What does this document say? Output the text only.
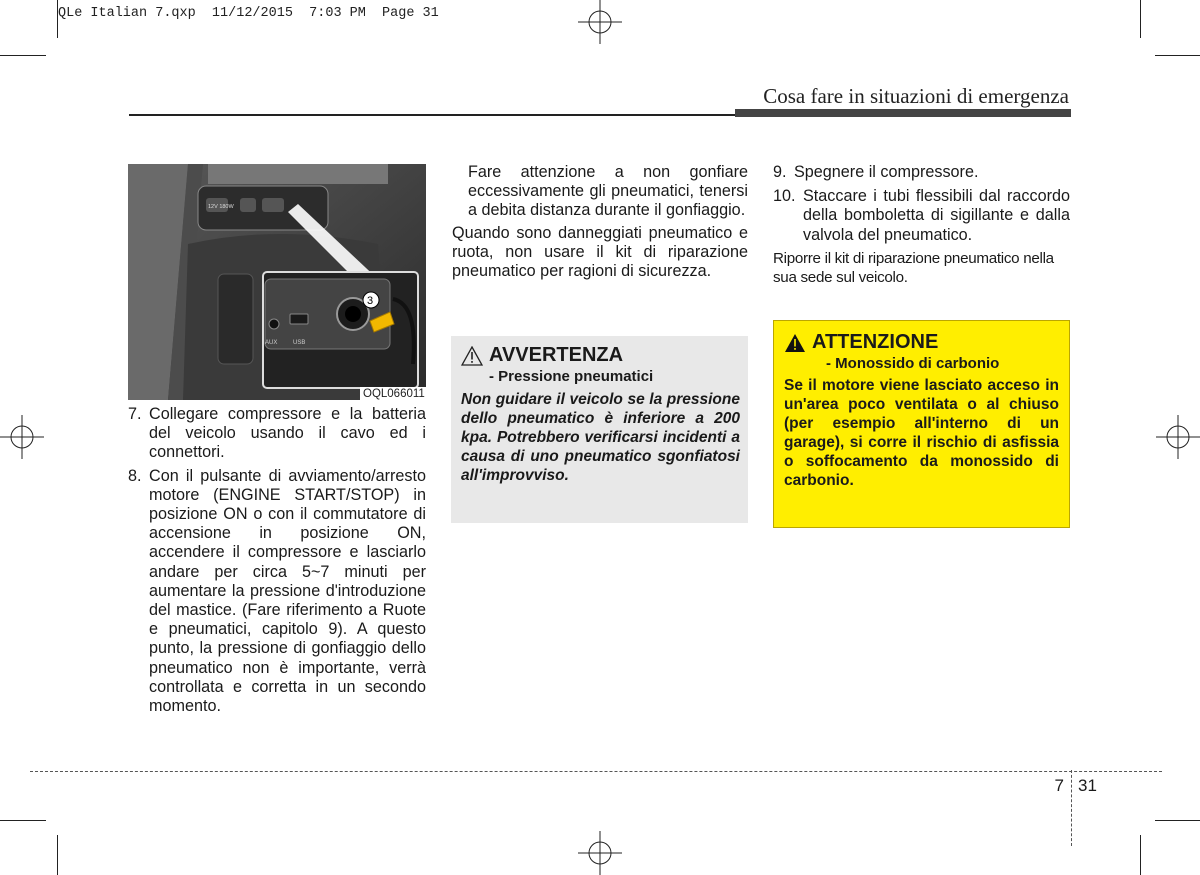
QLe Italian 7.qxp  11/12/2015  7:03 PM  Page 31
Cosa fare in situazioni di emergenza
3
AUX	USB
12V 180W
OQL066011
7. Collegare compressore e la batteria del veicolo usando il cavo ed i connettori.
8. Con il pulsante di avviamento/arresto motore (ENGINE START/STOP) in posizione ON o con il commutatore di accensione in posizione ON, accendere il compressore e lasciarlo andare per circa 5~7 minuti per aumentare la pressione d'introduzione del mastice. (Fare riferimento a Ruote e pneumatici, capitolo 9). A questo punto, la pressione di gonfiaggio dello pneumatico non è importante, verrà controllata e corretta in un secondo momento.
Fare attenzione a non gonfiare eccessivamente gli pneumatici, tenersi a debita distanza durante il gonfiaggio.
Quando sono danneggiati pneumatico e ruota, non usare il kit di riparazione pneumatico per ragioni di sicurezza.
AVVERTENZA
- Pressione pneumatici
Non guidare il veicolo se la pressione dello pneumatico è inferiore a 200 kpa. Potrebbero verificarsi incidenti a causa di uno pneumatico sgonfiatosi all'improvviso.
9. Spegnere il compressore.
10. Staccare i tubi flessibili dal raccordo della bomboletta di sigillante e dalla valvola del pneumatico.
Riporre il kit di riparazione pneumatico nella sua sede sul veicolo.
ATTENZIONE
- Monossido di carbonio
Se il motore viene lasciato acceso in un'area poco ventilata o al chiuso (per esempio all'interno di un garage), si corre il rischio di asfissia o soffocamento da monossido di carbonio.
7 31
